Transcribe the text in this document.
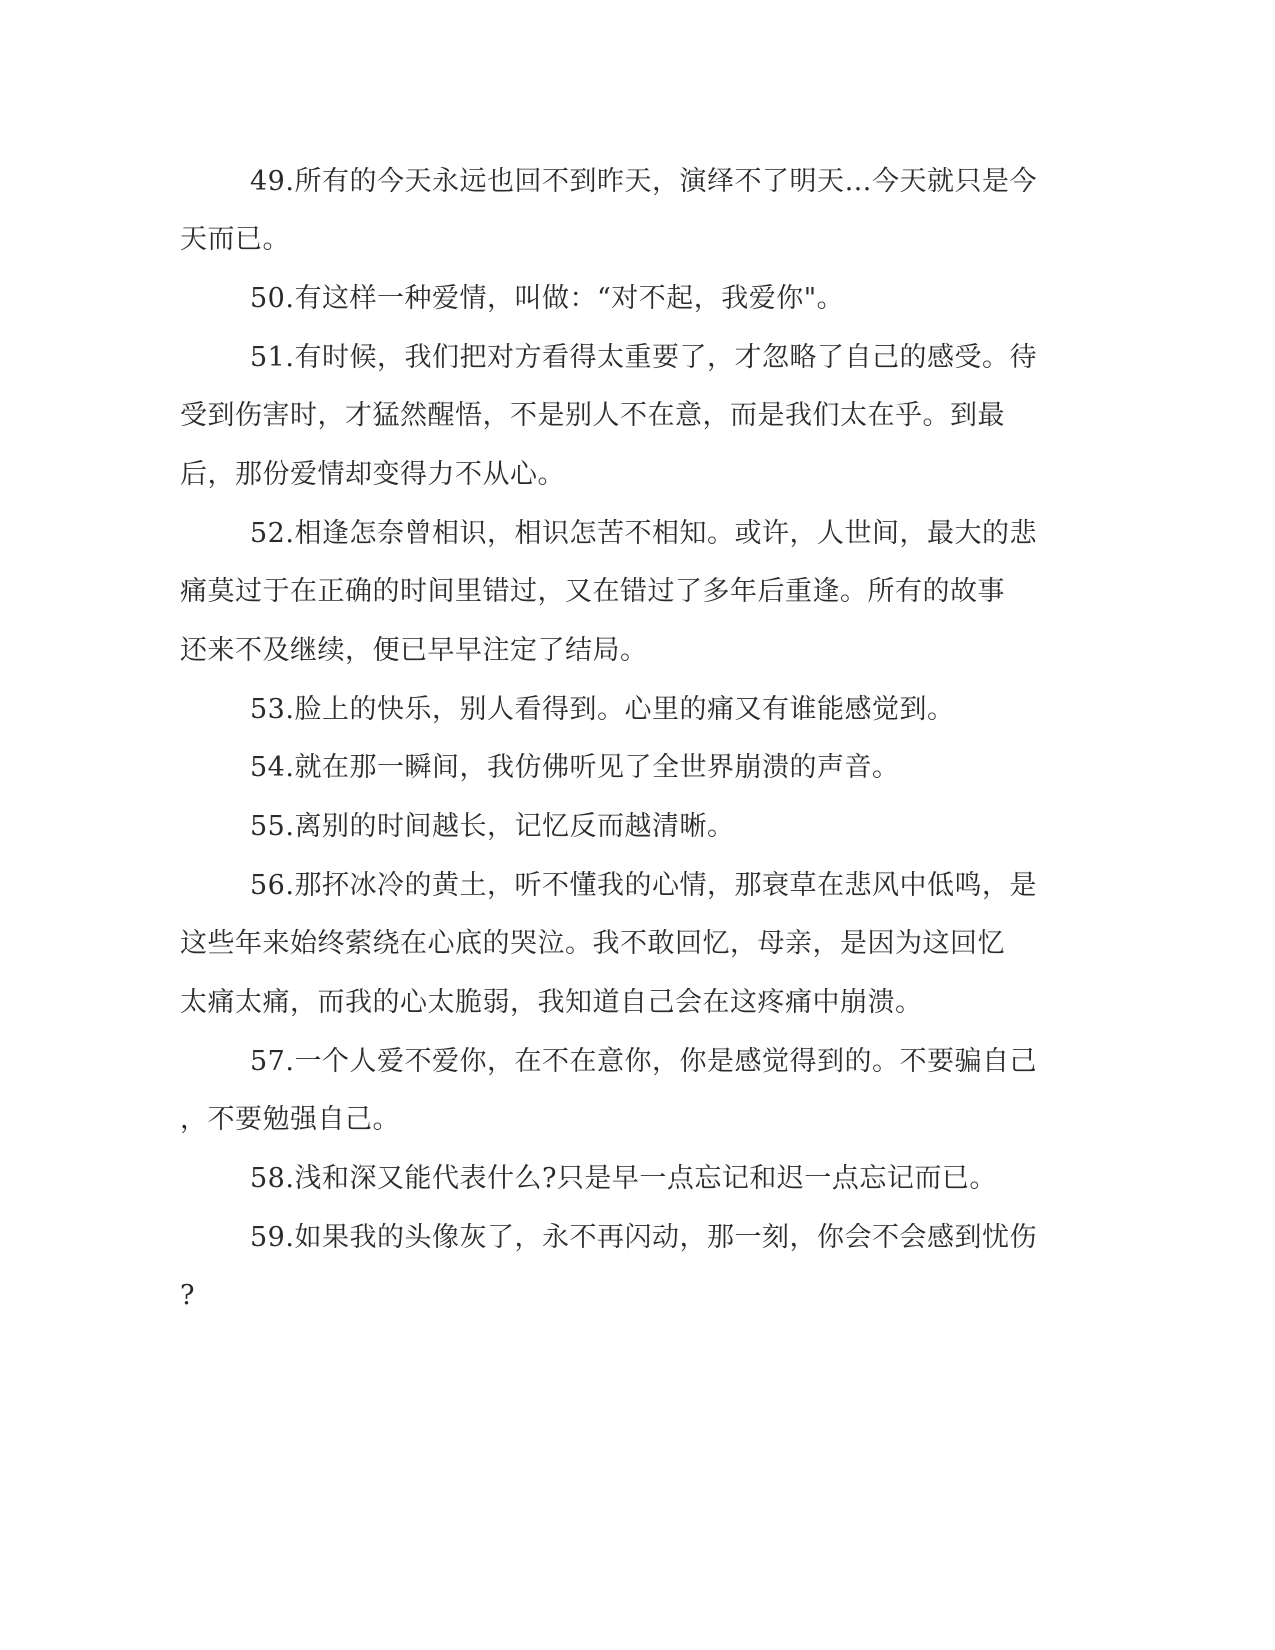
49.所有的今天永远也回不到昨天，演绎不了明天…今天就只是今
天而已。
50.有这样一种爱情，叫做：“对不起，我爱你"。
51.有时候，我们把对方看得太重要了，才忽略了自己的感受。待
受到伤害时，才猛然醒悟，不是别人不在意，而是我们太在乎。到最
后，那份爱情却变得力不从心。
52.相逢怎奈曾相识，相识怎苦不相知。或许，人世间，最大的悲
痛莫过于在正确的时间里错过，又在错过了多年后重逢。所有的故事
还来不及继续，便已早早注定了结局。
53.脸上的快乐，别人看得到。心里的痛又有谁能感觉到。
54.就在那一瞬间，我仿佛听见了全世界崩溃的声音。
55.离别的时间越长，记忆反而越清晰。
56.那抔冰冷的黄土，听不懂我的心情，那衰草在悲风中低鸣，是
这些年来始终萦绕在心底的哭泣。我不敢回忆，母亲，是因为这回忆
太痛太痛，而我的心太脆弱，我知道自己会在这疼痛中崩溃。
57.一个人爱不爱你，在不在意你，你是感觉得到的。不要骗自己
，不要勉强自己。
58.浅和深又能代表什么?只是早一点忘记和迟一点忘记而已。
59.如果我的头像灰了，永不再闪动，那一刻，你会不会感到忧伤
?
